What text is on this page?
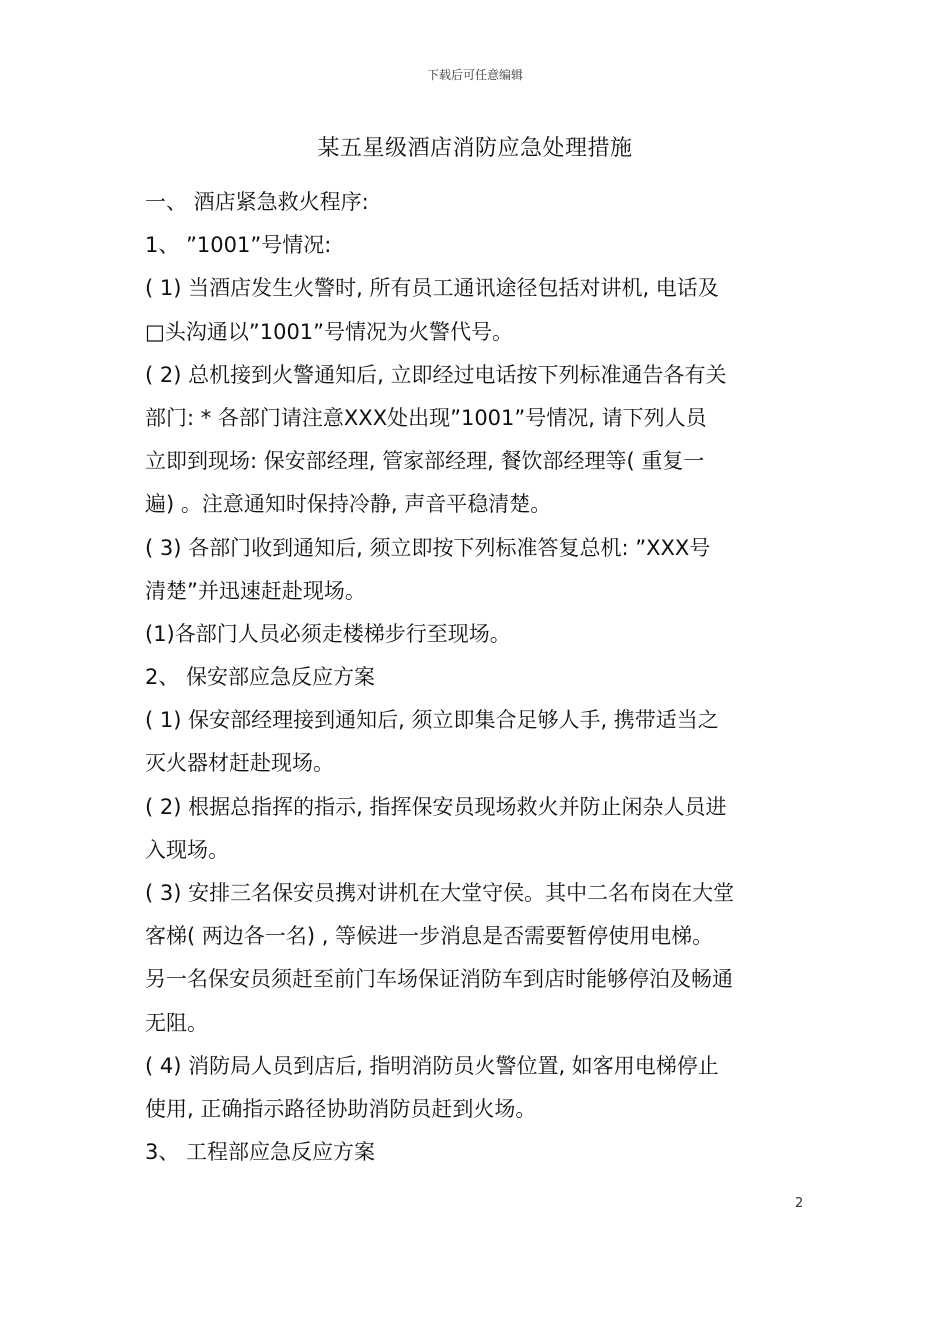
下载后可任意编辑
某五星级酒店消防应急处理措施
一、 酒店紧急救火程序:
1、 ”1001”号情况:
( 1) 当酒店发生火警时, 所有员工通讯途径包括对讲机, 电话及
□头沟通以”1001”号情况为火警代号。
( 2) 总机接到火警通知后, 立即经过电话按下列标准通告各有关
部门: * 各部门请注意XXX处出现”1001”号情况, 请下列人员
立即到现场: 保安部经理, 管家部经理, 餐饮部经理等( 重复一
遍) 。注意通知时保持冷静, 声音平稳清楚。
( 3) 各部门收到通知后, 须立即按下列标准答复总机: ”XXX号
清楚”并迅速赶赴现场。
(1)各部门人员必须走楼梯步行至现场。
2、 保安部应急反应方案
( 1) 保安部经理接到通知后, 须立即集合足够人手, 携带适当之
灭火器材赶赴现场。
( 2) 根据总指挥的指示, 指挥保安员现场救火并防止闲杂人员进
入现场。
( 3) 安排三名保安员携对讲机在大堂守侯。其中二名布岗在大堂
客梯( 两边各一名) , 等候进一步消息是否需要暂停使用电梯。
另一名保安员须赶至前门车场保证消防车到店时能够停泊及畅通
无阻。
( 4) 消防局人员到店后, 指明消防员火警位置, 如客用电梯停止
使用, 正确指示路径协助消防员赶到火场。
3、 工程部应急反应方案
2
